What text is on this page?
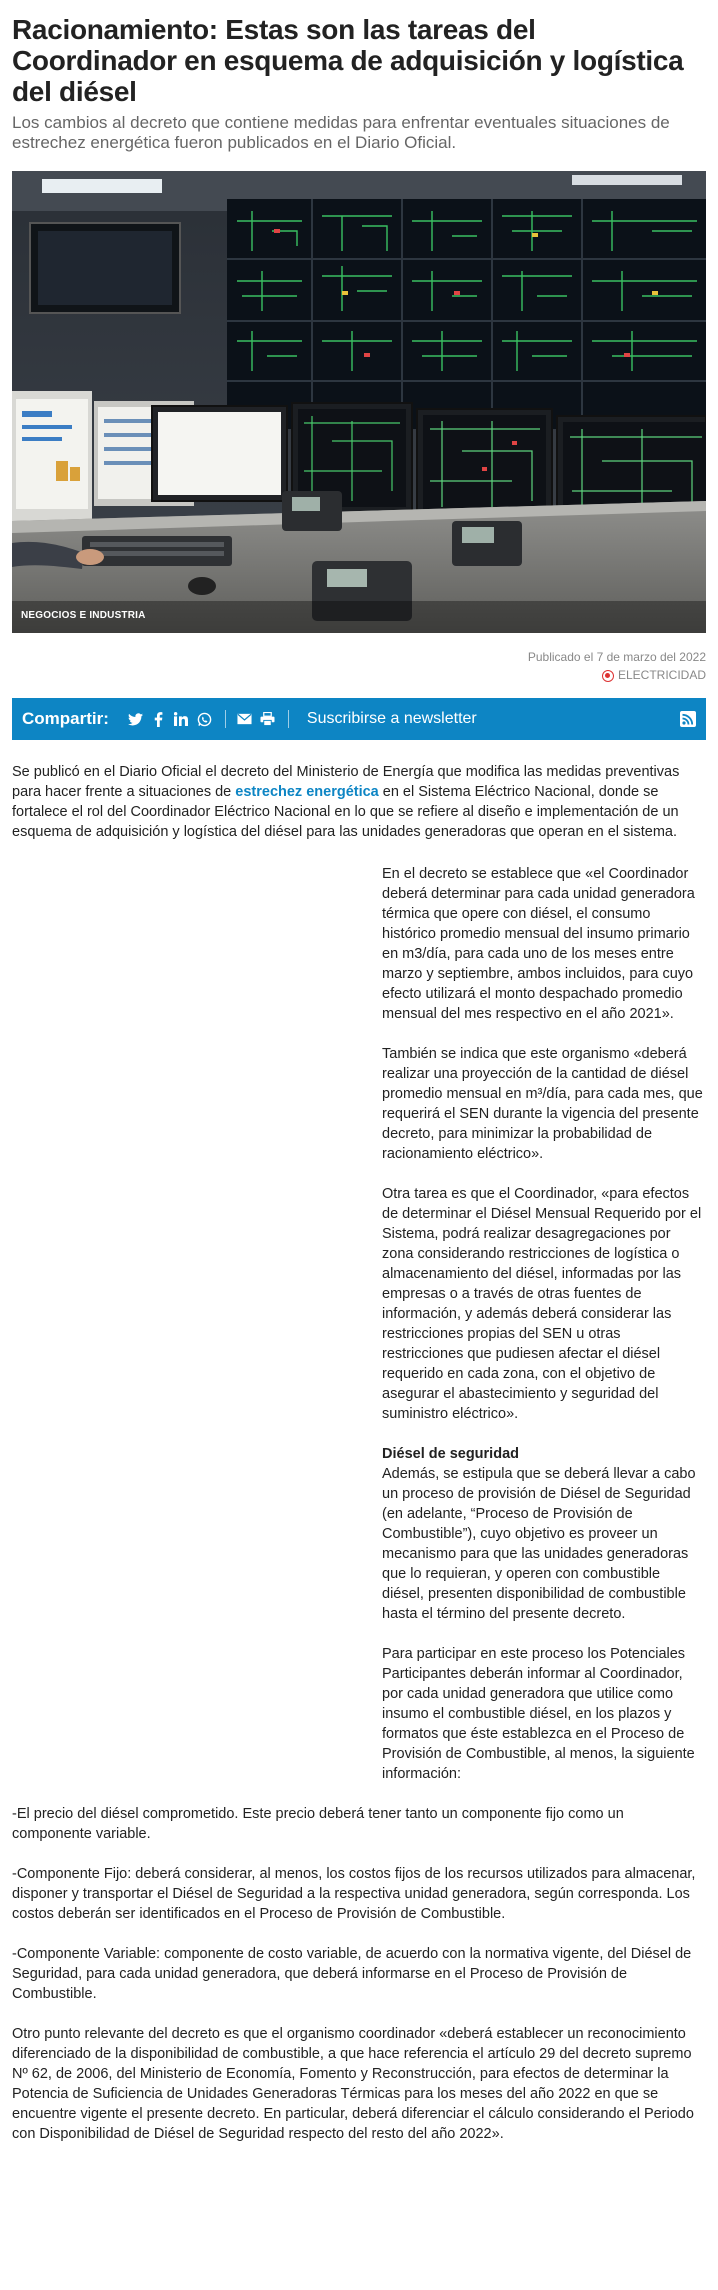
Racionamiento: Estas son las tareas del Coordinador en esquema de adquisición y logística del diésel

Los cambios al decreto que contiene medidas para enfrentar eventuales situaciones de estrechez energética fueron publicados en el Diario Oficial.

NEGOCIOS E INDUSTRIA
Publicado el 7 de marzo del 2022
ELECTRICIDAD
Compartir:	Suscribirse a newsletter

Se publicó en el Diario Oficial el decreto del Ministerio de Energía que modifica las medidas preventivas para hacer frente a situaciones de estrechez energética en el Sistema Eléctrico Nacional, donde se fortalece el rol del Coordinador Eléctrico Nacional en lo que se refiere al diseño e implementación de un esquema de adquisición y logística del diésel para las unidades generadoras que operan en el sistema.

En el decreto se establece que «el Coordinador deberá determinar para cada unidad generadora térmica que opere con diésel, el consumo histórico promedio mensual del insumo primario en m3/día, para cada uno de los meses entre marzo y septiembre, ambos incluidos, para cuyo efecto utilizará el monto despachado promedio mensual del mes respectivo en el año 2021».

También se indica que este organismo «deberá realizar una proyección de la cantidad de diésel promedio mensual en m³/día, para cada mes, que requerirá el SEN durante la vigencia del presente decreto, para minimizar la probabilidad de racionamiento eléctrico».

Otra tarea es que el Coordinador, «para efectos de determinar el Diésel Mensual Requerido por el Sistema, podrá realizar desagregaciones por zona considerando restricciones de logística o almacenamiento del diésel, informadas por las empresas o a través de otras fuentes de información, y además deberá considerar las restricciones propias del SEN u otras restricciones que pudiesen afectar el diésel requerido en cada zona, con el objetivo de asegurar el abastecimiento y seguridad del suministro eléctrico».

Diésel de seguridad

Además, se estipula que se deberá llevar a cabo un proceso de provisión de Diésel de Seguridad (en adelante, “Proceso de Provisión de Combustible”), cuyo objetivo es proveer un mecanismo para que las unidades generadoras que lo requieran, y operen con combustible diésel, presenten disponibilidad de combustible hasta el término del presente decreto.

Para participar en este proceso los Potenciales Participantes deberán informar al Coordinador, por cada unidad generadora que utilice como insumo el combustible diésel, en los plazos y formatos que éste establezca en el Proceso de Provisión de Combustible, al menos, la siguiente información:

-El precio del diésel comprometido. Este precio deberá tener tanto un componente fijo como un componente variable.

-Componente Fijo: deberá considerar, al menos, los costos fijos de los recursos utilizados para almacenar, disponer y transportar el Diésel de Seguridad a la respectiva unidad generadora, según corresponda. Los costos deberán ser identificados en el Proceso de Provisión de Combustible.

-Componente Variable: componente de costo variable, de acuerdo con la normativa vigente, del Diésel de Seguridad, para cada unidad generadora, que deberá informarse en el Proceso de Provisión de Combustible.

Otro punto relevante del decreto es que el organismo coordinador «deberá establecer un reconocimiento diferenciado de la disponibilidad de combustible, a que hace referencia el artículo 29 del decreto supremo Nº 62, de 2006, del Ministerio de Economía, Fomento y Reconstrucción, para efectos de determinar la Potencia de Suficiencia de Unidades Generadoras Térmicas para los meses del año 2022 en que se encuentre vigente el presente decreto. En particular, deberá diferenciar el cálculo considerando el Periodo con Disponibilidad de Diésel de Seguridad respecto del resto del año 2022».
